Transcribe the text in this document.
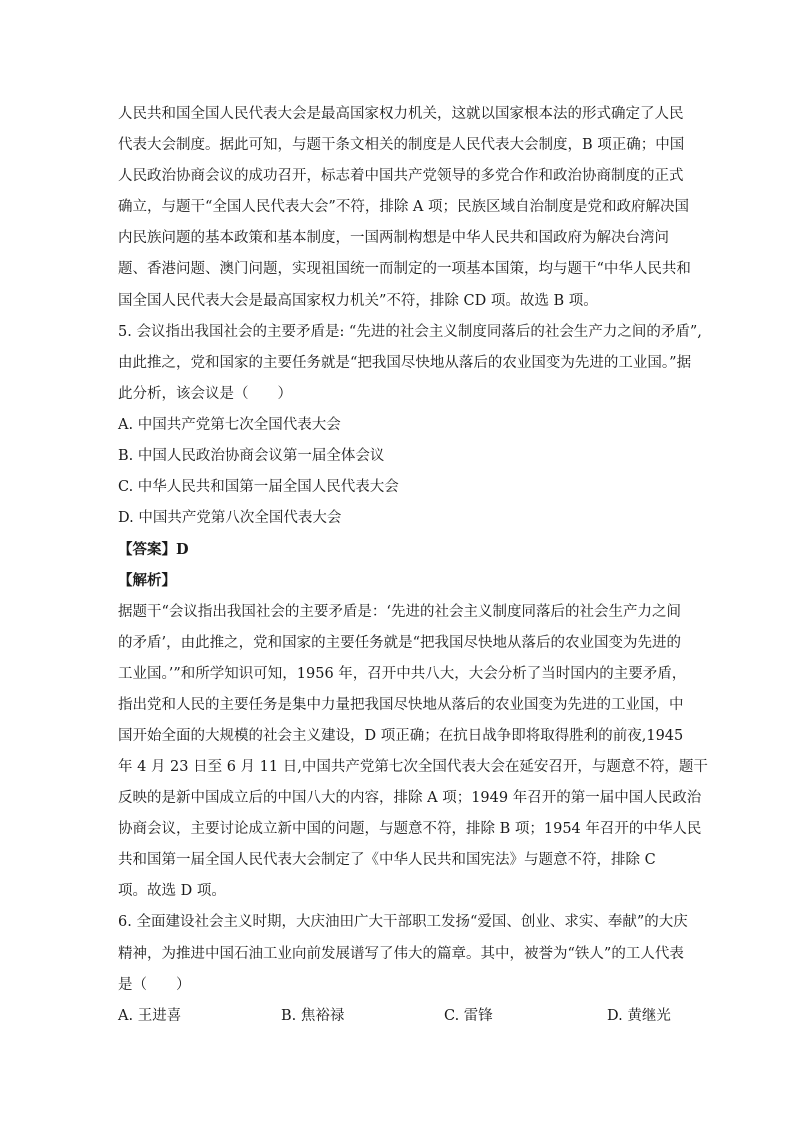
人民共和国全国人民代表大会是最高国家权力机关，这就以国家根本法的形式确定了人民
代表大会制度。据此可知，与题干条文相关的制度是人民代表大会制度，B 项正确；中国
人民政治协商会议的成功召开，标志着中国共产党领导的多党合作和政治协商制度的正式
确立，与题干“全国人民代表大会”不符，排除 A 项；民族区域自治制度是党和政府解决国
内民族问题的基本政策和基本制度，一国两制构想是中华人民共和国政府为解决台湾问
题、香港问题、澳门问题，实现祖国统一而制定的一项基本国策，均与题干“中华人民共和
国全国人民代表大会是最高国家权力机关”不符，排除 CD 项。故选 B 项。
5. 会议指出我国社会的主要矛盾是: “先进的社会主义制度同落后的社会生产力之间的矛盾”,
由此推之，党和国家的主要任务就是“把我国尽快地从落后的农业国变为先进的工业国。”据
此分析，该会议是（　　）
A. 中国共产党第七次全国代表大会
B. 中国人民政治协商会议第一届全体会议
C. 中华人民共和国第一届全国人民代表大会
D. 中国共产党第八次全国代表大会
【答案】D
【解析】
据题干“会议指出我国社会的主要矛盾是：‘先进的社会主义制度同落后的社会生产力之间
的矛盾’，由此推之，党和国家的主要任务就是“把我国尽快地从落后的农业国变为先进的
工业国。’”和所学知识可知，1956 年，召开中共八大，大会分析了当时国内的主要矛盾，
指出党和人民的主要任务是集中力量把我国尽快地从落后的农业国变为先进的工业国，中
国开始全面的大规模的社会主义建设，D 项正确；在抗日战争即将取得胜利的前夜,1945
年 4 月 23 日至 6 月 11 日,中国共产党第七次全国代表大会在延安召开，与题意不符，题干
反映的是新中国成立后的中国八大的内容，排除 A 项；1949 年召开的第一届中国人民政治
协商会议，主要讨论成立新中国的问题，与题意不符，排除 B 项；1954 年召开的中华人民
共和国第一届全国人民代表大会制定了《中华人民共和国宪法》与题意不符，排除 C
项。故选 D 项。
6. 全面建设社会主义时期，大庆油田广大干部职工发扬“爱国、创业、求实、奉献”的大庆
精神，为推进中国石油工业向前发展谱写了伟大的篇章。其中，被誉为“铁人”的工人代表
是（　　）
A. 王进喜	B. 焦裕禄	C. 雷锋	D. 黄继光
